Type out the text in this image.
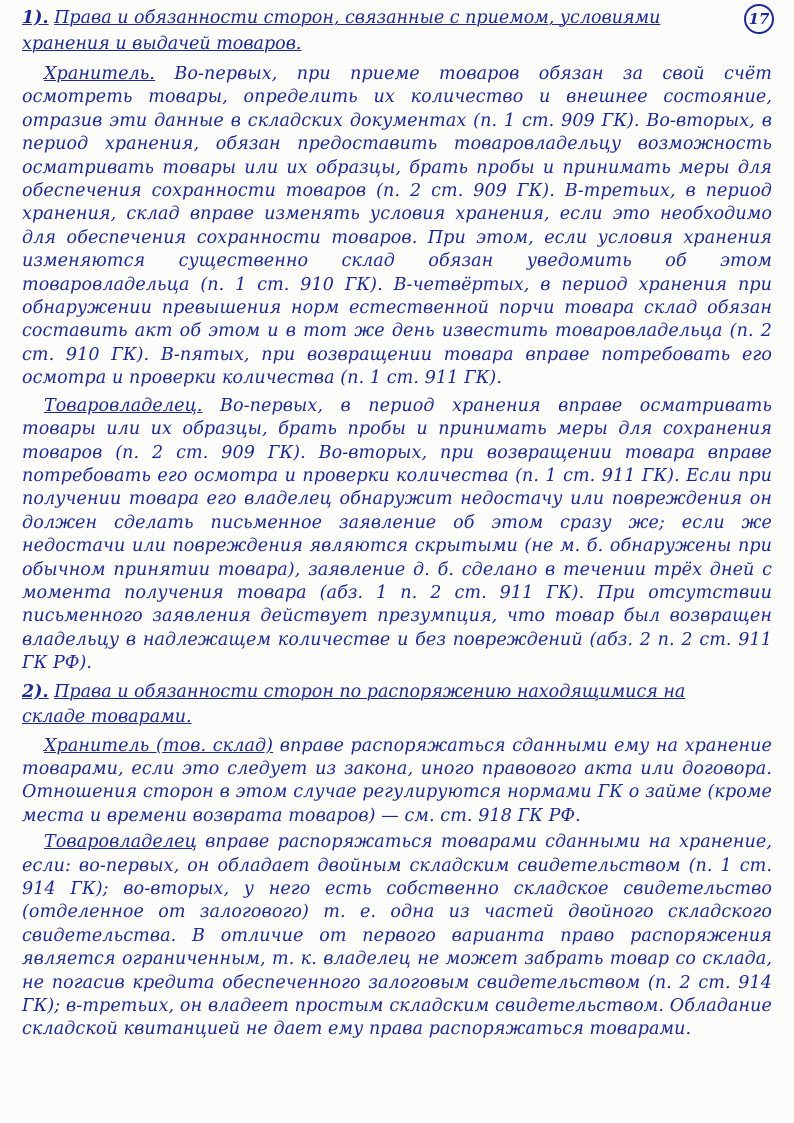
17

1). Права и обязанности сторон, связанные с приемом, условиями хранения и выдачей товаров.

Хранитель. Во-первых, при приеме товаров обязан за свой счёт осмотреть товары, определить их количество и внешнее состояние, отразив эти данные в складских документах (п. 1 ст. 909 ГК). Во-вторых, в период хранения, обязан предоставить товаровладельцу возможность осматривать товары или их образцы, брать пробы и принимать меры для обеспечения сохранности товаров (п. 2 ст. 909 ГК). В-третьих, в период хранения, склад вправе изменять условия хранения, если это необходимо для обеспечения сохранности товаров. При этом, если условия хранения изменяются существенно склад обязан уведомить об этом товаровладельца (п. 1 ст. 910 ГК). В-четвёртых, в период хранения при обнаружении превышения норм естественной порчи товара склад обязан составить акт об этом и в тот же день известить товаровладельца (п. 2 ст. 910 ГК). В-пятых, при возвращении товара вправе потребовать его осмотра и проверки количества (п. 1 ст. 911 ГК).

Товаровладелец. Во-первых, в период хранения вправе осматривать товары или их образцы, брать пробы и принимать меры для сохранения товаров (п. 2 ст. 909 ГК). Во-вторых, при возвращении товара вправе потребовать его осмотра и проверки количества (п. 1 ст. 911 ГК). Если при получении товара его владелец обнаружит недостачу или повреждения он должен сделать письменное заявление об этом сразу же; если же недостачи или повреждения являются скрытыми (не м. б. обнаружены при обычном принятии товара), заявление д. б. сделано в течении трёх дней с момента получения товара (абз. 1 п. 2 ст. 911 ГК). При отсутствии письменного заявления действует презумпция, что товар был возвращен владельцу в надлежащем количестве и без повреждений (абз. 2 п. 2 ст. 911 ГК РФ).

2). Права и обязанности сторон по распоряжению находящимися на складе товарами.

Хранитель (тов. склад) вправе распоряжаться сданными ему на хранение товарами, если это следует из закона, иного правового акта или договора. Отношения сторон в этом случае регулируются нормами ГК о займе (кроме места и времени возврата товаров) — см. ст. 918 ГК РФ.

Товаровладелец вправе распоряжаться товарами сданными на хранение, если: во-первых, он обладает двойным складским свидетельством (п. 1 ст. 914 ГК); во-вторых, у него есть собственно складское свидетельство (отделенное от залогового) т. е. одна из частей двойного складского свидетельства. В отличие от первого варианта право распоряжения является ограниченным, т. к. владелец не может забрать товар со склада, не погасив кредита обеспеченного залоговым свидетельством (п. 2 ст. 914 ГК); в-третьих, он владеет простым складским свидетельством. Обладание складской квитанцией не дает ему права распоряжаться товарами.
